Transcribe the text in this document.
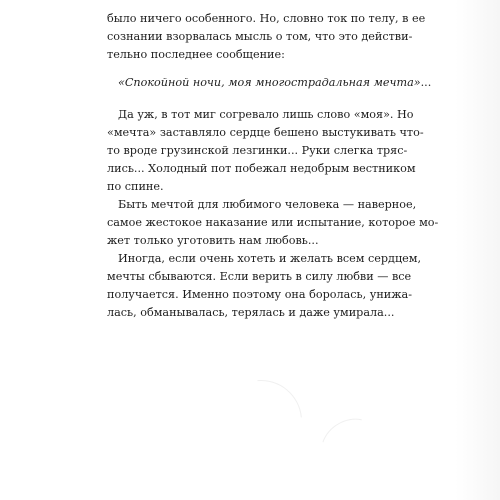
было ничего особенного. Но, словно ток по телу, в ее
сознании взорвалась мысль о том, что это действи-
тельно последнее сообщение:
«Спокойной ночи, моя многострадальная мечта»...
Да уж, в тот миг согревало лишь слово «моя». Но
«мечта» заставляло сердце бешено выстукивать что-
то вроде грузинской лезгинки... Руки слегка тряс-
лись... Холодный пот побежал недобрым вестником
по спине.
Быть мечтой для любимого человека — наверное,
самое жестокое наказание или испытание, которое мо-
жет только уготовить нам любовь...
Иногда, если очень хотеть и желать всем сердцем,
мечты сбываются. Если верить в силу любви — все
получается. Именно поэтому она боролась, унижа-
лась, обманывалась, терялась и даже умирала...
